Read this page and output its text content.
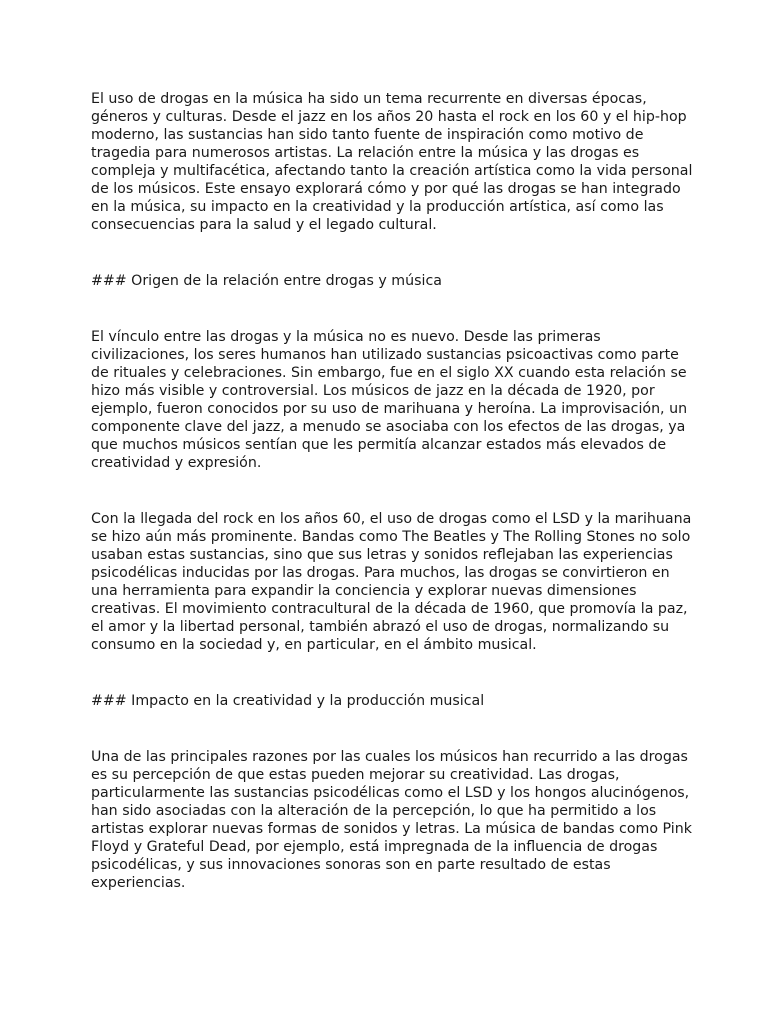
El uso de drogas en la música ha sido un tema recurrente en diversas épocas,
géneros y culturas. Desde el jazz en los años 20 hasta el rock en los 60 y el hip-hop
moderno, las sustancias han sido tanto fuente de inspiración como motivo de
tragedia para numerosos artistas. La relación entre la música y las drogas es
compleja y multifacética, afectando tanto la creación artística como la vida personal
de los músicos. Este ensayo explorará cómo y por qué las drogas se han integrado
en la música, su impacto en la creatividad y la producción artística, así como las
consecuencias para la salud y el legado cultural.
### Origen de la relación entre drogas y música
El vínculo entre las drogas y la música no es nuevo. Desde las primeras
civilizaciones, los seres humanos han utilizado sustancias psicoactivas como parte
de rituales y celebraciones. Sin embargo, fue en el siglo XX cuando esta relación se
hizo más visible y controversial. Los músicos de jazz en la década de 1920, por
ejemplo, fueron conocidos por su uso de marihuana y heroína. La improvisación, un
componente clave del jazz, a menudo se asociaba con los efectos de las drogas, ya
que muchos músicos sentían que les permitía alcanzar estados más elevados de
creatividad y expresión.
Con la llegada del rock en los años 60, el uso de drogas como el LSD y la marihuana
se hizo aún más prominente. Bandas como The Beatles y The Rolling Stones no solo
usaban estas sustancias, sino que sus letras y sonidos reflejaban las experiencias
psicodélicas inducidas por las drogas. Para muchos, las drogas se convirtieron en
una herramienta para expandir la conciencia y explorar nuevas dimensiones
creativas. El movimiento contracultural de la década de 1960, que promovía la paz,
el amor y la libertad personal, también abrazó el uso de drogas, normalizando su
consumo en la sociedad y, en particular, en el ámbito musical.
### Impacto en la creatividad y la producción musical
Una de las principales razones por las cuales los músicos han recurrido a las drogas
es su percepción de que estas pueden mejorar su creatividad. Las drogas,
particularmente las sustancias psicodélicas como el LSD y los hongos alucinógenos,
han sido asociadas con la alteración de la percepción, lo que ha permitido a los
artistas explorar nuevas formas de sonidos y letras. La música de bandas como Pink
Floyd y Grateful Dead, por ejemplo, está impregnada de la influencia de drogas
psicodélicas, y sus innovaciones sonoras son en parte resultado de estas
experiencias.
